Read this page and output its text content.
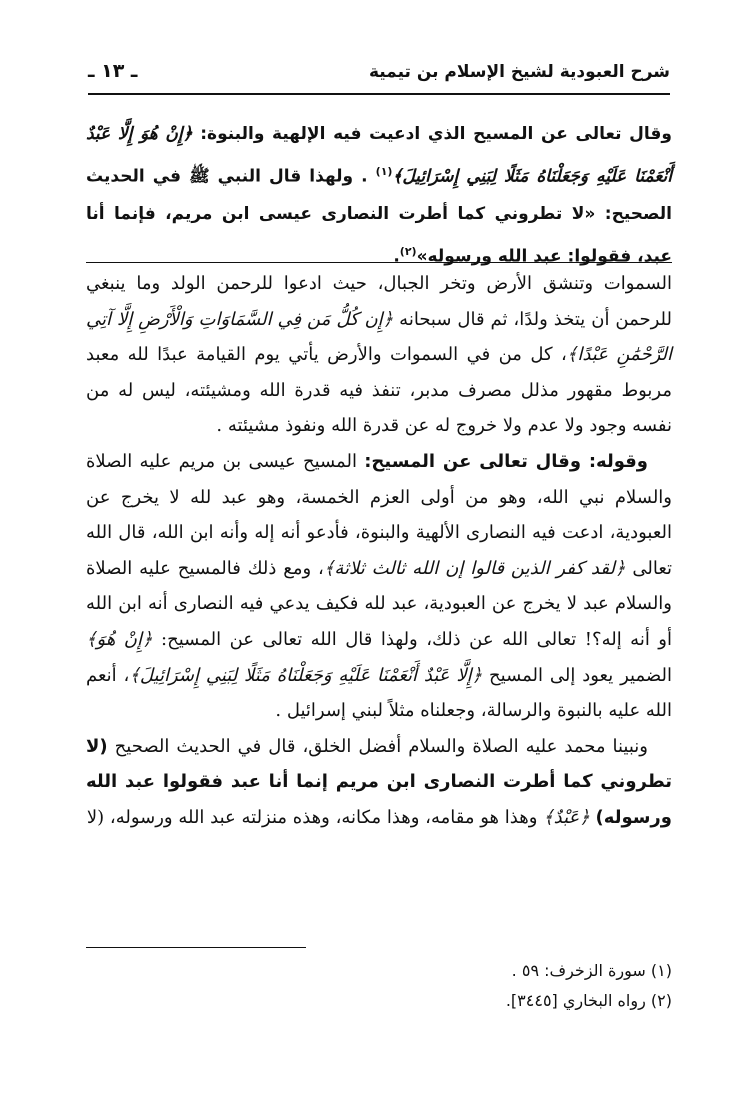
شرح العبودية لشيخ الإسلام بن تيمية
ـ ١٣ ـ
وقال تعالى عن المسيح الذي ادعيت فيه الإلهية والبنوة: ﴿إِنْ هُوَ إِلَّا عَبْدٌ أَنْعَمْنَا عَلَيْهِ وَجَعَلْنَاهُ مَثَلًا لِبَنِي إِسْرَائِيلَ﴾$^{(١)}$ . ولهذا قال النبي ﷺ في الحديث الصحيح: «لا تطروني كما أطرت النصارى عيسى ابن مريم، فإنما أنا عبد، فقولوا: عبد الله ورسوله»$^{(٢)}$.

السموات وتنشق الأرض وتخر الجبال، حيث ادعوا للرحمن الولد وما ينبغي للرحمن أن يتخذ ولدًا، ثم قال سبحانه ﴿إِن كُلُّ مَن فِي السَّمَاوَاتِ وَالْأَرْضِ إِلَّا آتِي الرَّحْمَٰنِ عَبْدًا﴾، كل من في السموات والأرض يأتي يوم القيامة عبدًا لله معبد مربوط مقهور مذلل مصرف مدبر، تنفذ فيه قدرة الله ومشيئته، ليس له من نفسه وجود ولا عدم ولا خروج له عن قدرة الله ونفوذ مشيئته .

وقوله: وقال تعالى عن المسيح: المسيح عيسى بن مريم عليه الصلاة والسلام نبي الله، وهو من أولى العزم الخمسة، وهو عبد لله لا يخرج عن العبودية، ادعت فيه النصارى الألهية والبنوة، فأدعو أنه إله وأنه ابن الله، قال الله تعالى ﴿لقد كفر الذين قالوا إن الله ثالث ثلاثة﴾، ومع ذلك فالمسيح عليه الصلاة والسلام عبد لا يخرج عن العبودية، عبد لله فكيف يدعي فيه النصارى أنه ابن الله أو أنه إله؟! تعالى الله عن ذلك، ولهذا قال الله تعالى عن المسيح: ﴿إِنْ هُوَ﴾ الضمير يعود إلى المسيح ﴿إِلَّا عَبْدٌ أَنْعَمْنَا عَلَيْهِ وَجَعَلْنَاهُ مَثَلًا لِبَنِي إِسْرَائِيلَ﴾، أنعم الله عليه بالنبوة والرسالة، وجعلناه مثلاً لبني إسرائيل .

ونبينا محمد عليه الصلاة والسلام أفضل الخلق، قال في الحديث الصحيح (لا تطروني كما أطرت النصارى ابن مريم إنما أنا عبد فقولوا عبد الله ورسوله) ﴿عَبْدٌ﴾ وهذا هو مقامه، وهذا مكانه، وهذه منزلته عبد الله ورسوله، (لا

(١) سورة الزخرف: ٥٩ .

(٢) رواه البخاري [٣٤٤٥].
